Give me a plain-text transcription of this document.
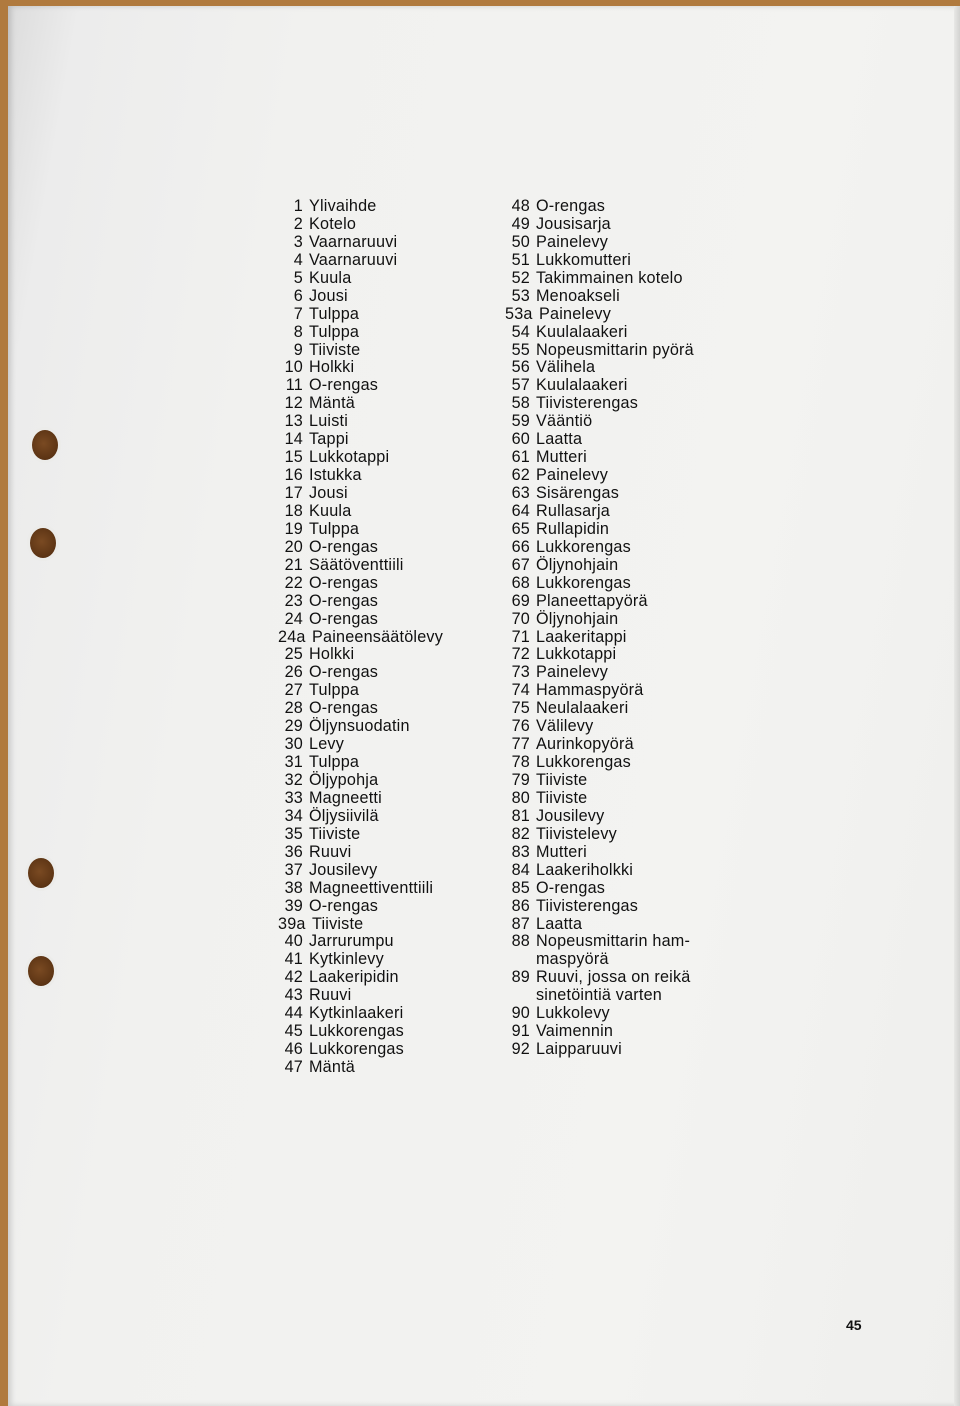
1 Ylivaihde
2 Kotelo
3 Vaarnaruuvi
4 Vaarnaruuvi
5 Kuula
6 Jousi
7 Tulppa
8 Tulppa
9 Tiiviste
10 Holkki
11 O-rengas
12 Mäntä
13 Luisti
14 Tappi
15 Lukkotappi
16 Istukka
17 Jousi
18 Kuula
19 Tulppa
20 O-rengas
21 Säätöventtiili
22 O-rengas
23 O-rengas
24 O-rengas
24a Paineensäätölevy
25 Holkki
26 O-rengas
27 Tulppa
28 O-rengas
29 Öljynsuodatin
30 Levy
31 Tulppa
32 Öljypohja
33 Magneetti
34 Öljysiivilä
35 Tiiviste
36 Ruuvi
37 Jousilevy
38 Magneettiventtiili
39 O-rengas
39a Tiiviste
40 Jarrurumpu
41 Kytkinlevy
42 Laakeripidin
43 Ruuvi
44 Kytkinlaakeri
45 Lukkorengas
46 Lukkorengas
47 Mäntä
48 O-rengas
49 Jousisarja
50 Painelevy
51 Lukkomutteri
52 Takimmainen kotelo
53 Menoakseli
53a Painelevy
54 Kuulalaakeri
55 Nopeusmittarin pyörä
56 Välihela
57 Kuulalaakeri
58 Tiivisterengas
59 Vääntiö
60 Laatta
61 Mutteri
62 Painelevy
63 Sisärengas
64 Rullasarja
65 Rullapidin
66 Lukkorengas
67 Öljynohjain
68 Lukkorengas
69 Planeettapyörä
70 Öljynohjain
71 Laakeritappi
72 Lukkotappi
73 Painelevy
74 Hammaspyörä
75 Neulalaakeri
76 Välilevy
77 Aurinkopyörä
78 Lukkorengas
79 Tiiviste
80 Tiiviste
81 Jousilevy
82 Tiivistelevy
83 Mutteri
84 Laakeriholkki
85 O-rengas
86 Tiivisterengas
87 Laatta
88 Nopeusmittarin ham-
maspyörä
89 Ruuvi, jossa on reikä
sinetöintiä varten
90 Lukkolevy
91 Vaimennin
92 Laipparuuvi
45
